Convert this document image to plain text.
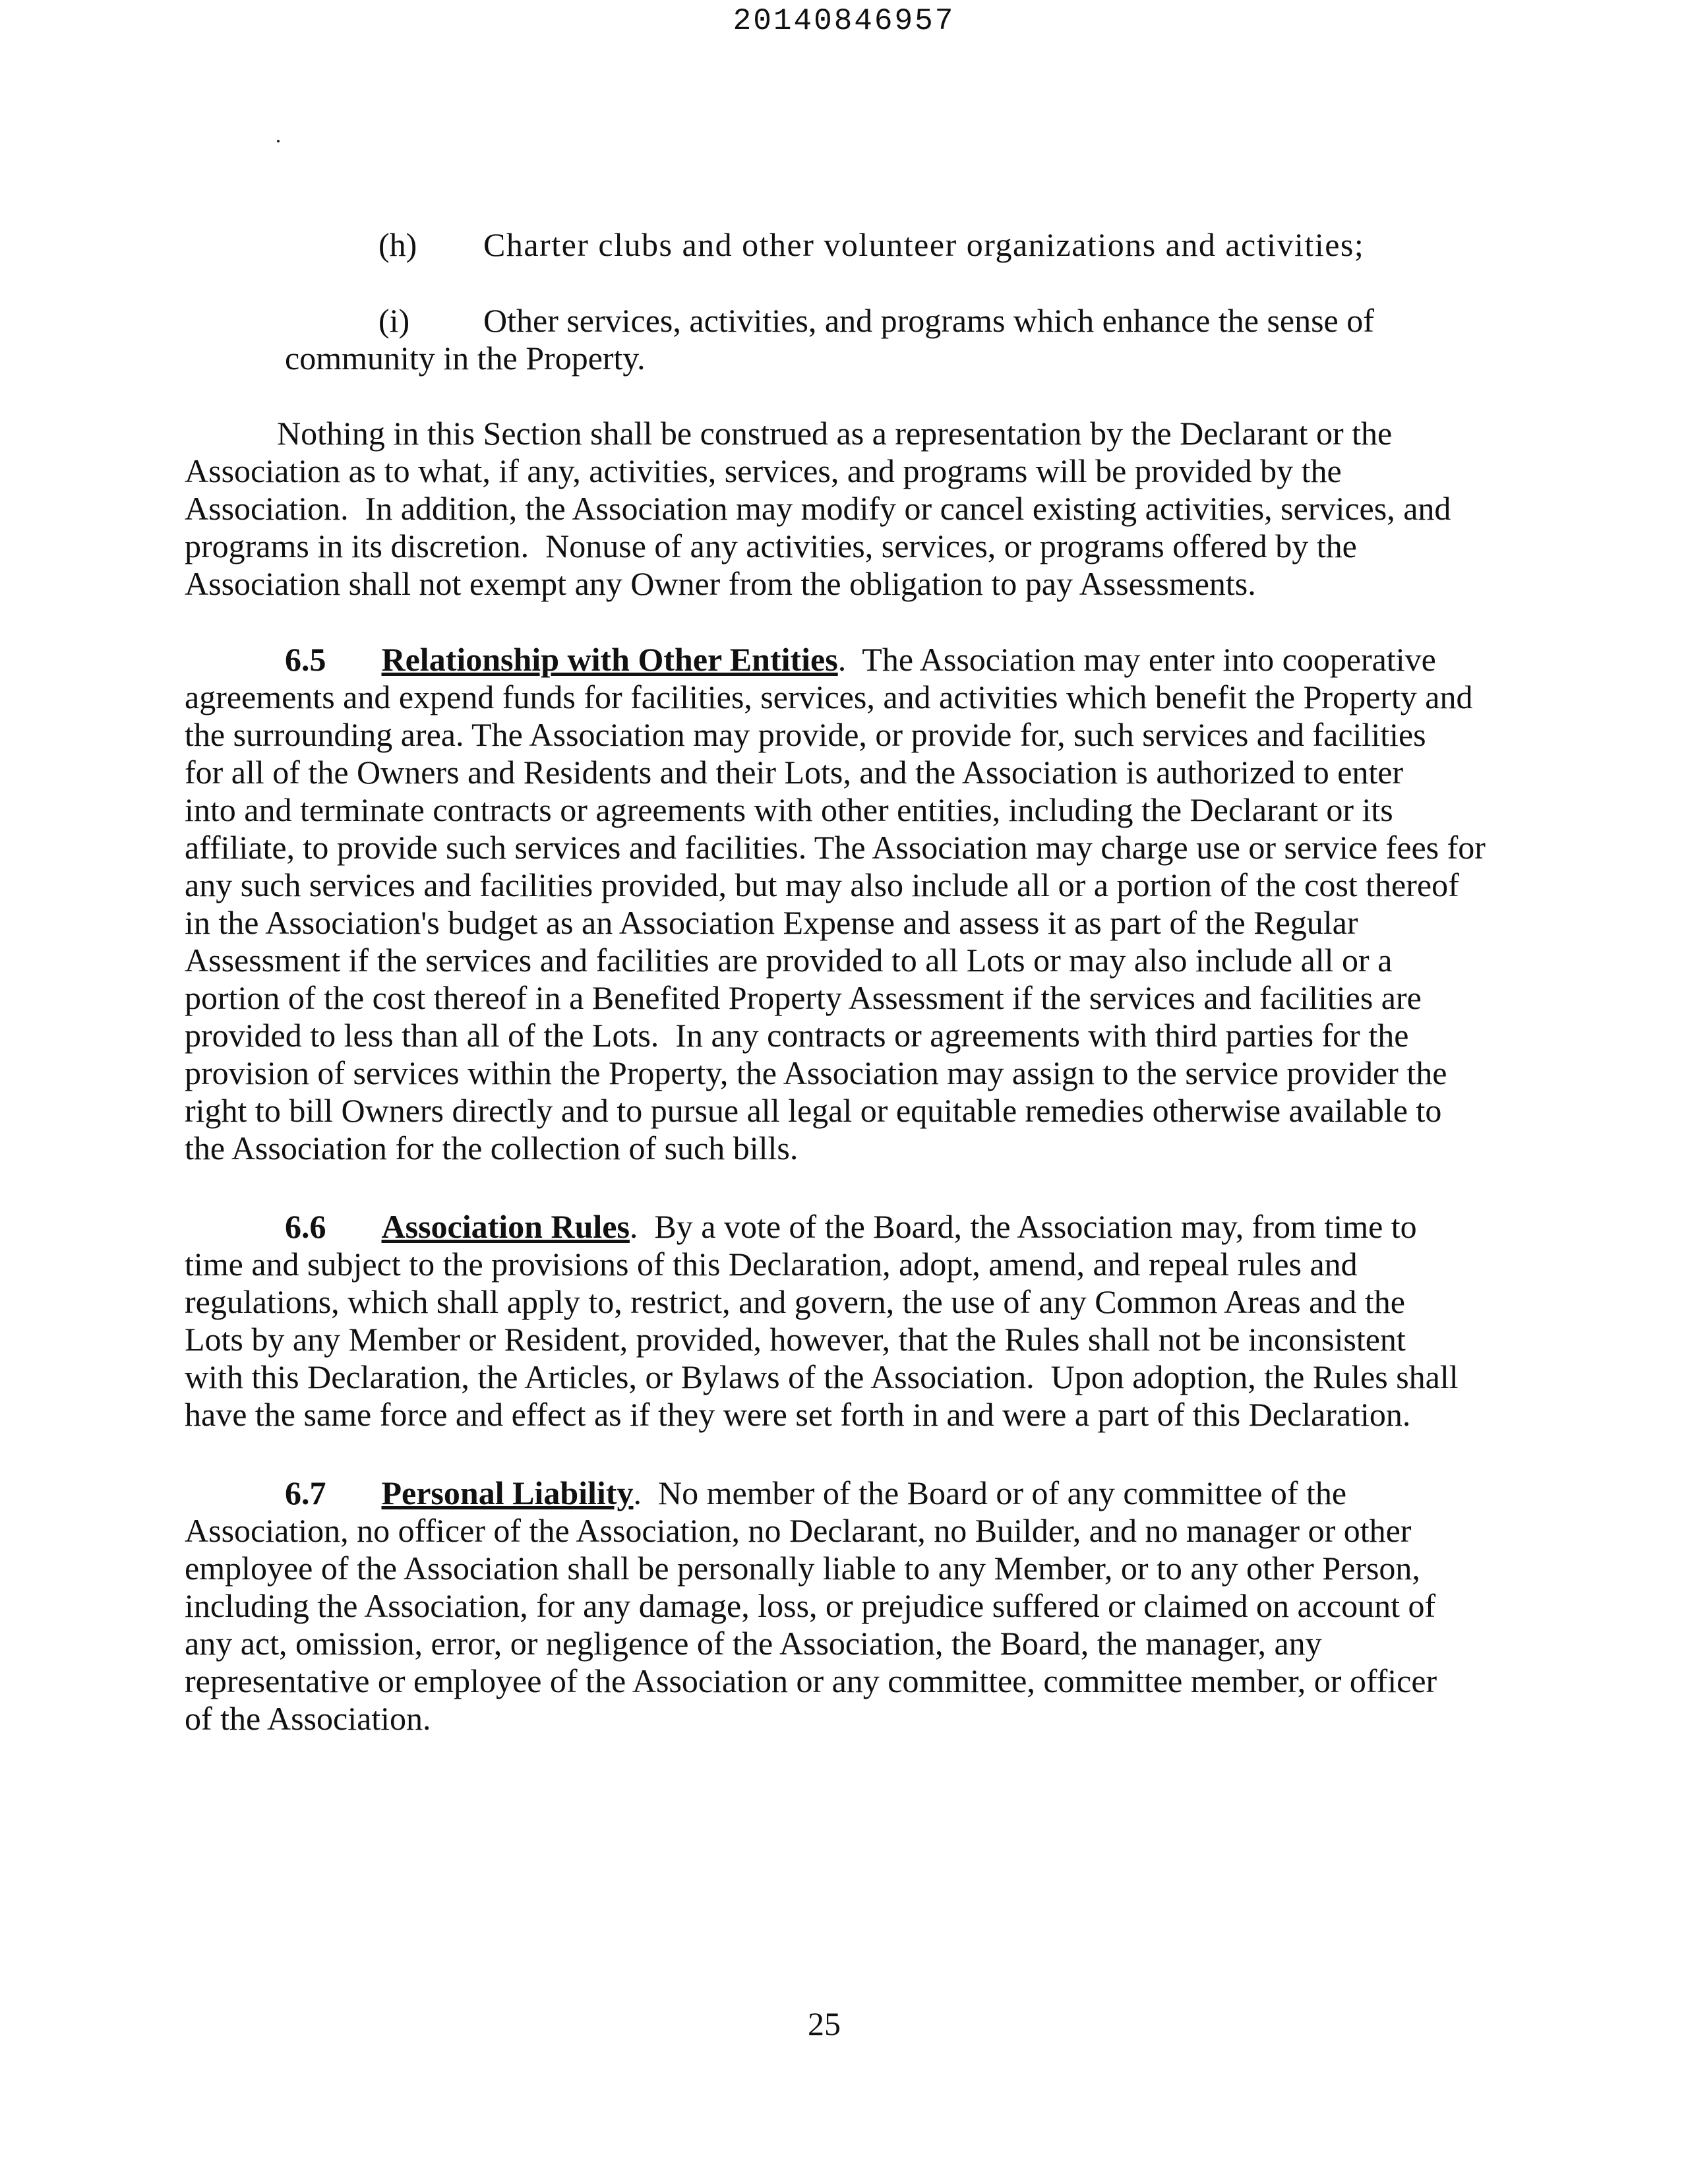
20140846957
(h) Charter clubs and other volunteer organizations and activities;
(i) Other services, activities, and programs which enhance the sense of
community in the Property.
Nothing in this Section shall be construed as a representation by the Declarant or the
Association as to what, if any, activities, services, and programs will be provided by the
Association.  In addition, the Association may modify or cancel existing activities, services, and
programs in its discretion.  Nonuse of any activities, services, or programs offered by the
Association shall not exempt any Owner from the obligation to pay Assessments.
6.5 Relationship with Other Entities.  The Association may enter into cooperative
agreements and expend funds for facilities, services, and activities which benefit the Property and
the surrounding area. The Association may provide, or provide for, such services and facilities
for all of the Owners and Residents and their Lots, and the Association is authorized to enter
into and terminate contracts or agreements with other entities, including the Declarant or its
affiliate, to provide such services and facilities. The Association may charge use or service fees for
any such services and facilities provided, but may also include all or a portion of the cost thereof
in the Association's budget as an Association Expense and assess it as part of the Regular
Assessment if the services and facilities are provided to all Lots or may also include all or a
portion of the cost thereof in a Benefited Property Assessment if the services and facilities are
provided to less than all of the Lots.  In any contracts or agreements with third parties for the
provision of services within the Property, the Association may assign to the service provider the
right to bill Owners directly and to pursue all legal or equitable remedies otherwise available to
the Association for the collection of such bills.
6.6 Association Rules.  By a vote of the Board, the Association may, from time to
time and subject to the provisions of this Declaration, adopt, amend, and repeal rules and
regulations, which shall apply to, restrict, and govern, the use of any Common Areas and the
Lots by any Member or Resident, provided, however, that the Rules shall not be inconsistent
with this Declaration, the Articles, or Bylaws of the Association.  Upon adoption, the Rules shall
have the same force and effect as if they were set forth in and were a part of this Declaration.
6.7 Personal Liability.  No member of the Board or of any committee of the
Association, no officer of the Association, no Declarant, no Builder, and no manager or other
employee of the Association shall be personally liable to any Member, or to any other Person,
including the Association, for any damage, loss, or prejudice suffered or claimed on account of
any act, omission, error, or negligence of the Association, the Board, the manager, any
representative or employee of the Association or any committee, committee member, or officer
of the Association.
25
